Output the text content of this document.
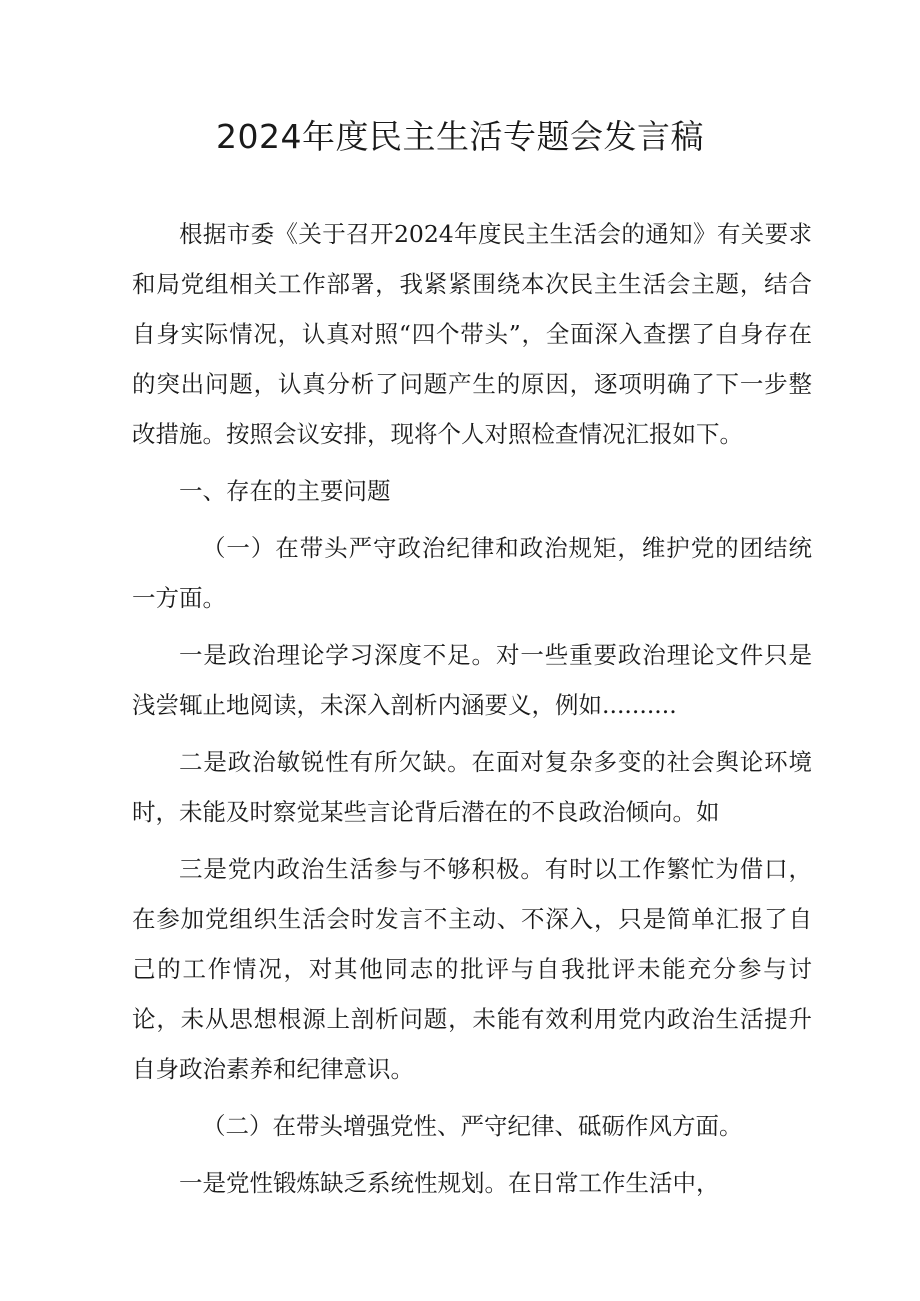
2024年度民主生活专题会发言稿

根据市委《关于召开2024年度民主生活会的通知》有关要求和局党组相关工作部署，我紧紧围绕本次民主生活会主题，结合自身实际情况，认真对照“四个带头”，全面深入查摆了自身存在的突出问题，认真分析了问题产生的原因，逐项明确了下一步整改措施。按照会议安排，现将个人对照检查情况汇报如下。

一、存在的主要问题

（一）在带头严守政治纪律和政治规矩，维护党的团结统一方面。

一是政治理论学习深度不足。对一些重要政治理论文件只是浅尝辄止地阅读，未深入剖析内涵要义，例如..........

二是政治敏锐性有所欠缺。在面对复杂多变的社会舆论环境时，未能及时察觉某些言论背后潜在的不良政治倾向。如

三是党内政治生活参与不够积极。有时以工作繁忙为借口，在参加党组织生活会时发言不主动、不深入，只是简单汇报了自己的工作情况，对其他同志的批评与自我批评未能充分参与讨论，未从思想根源上剖析问题，未能有效利用党内政治生活提升自身政治素养和纪律意识。

（二）在带头增强党性、严守纪律、砥砺作风方面。

一是党性锻炼缺乏系统性规划。在日常工作生活中，
